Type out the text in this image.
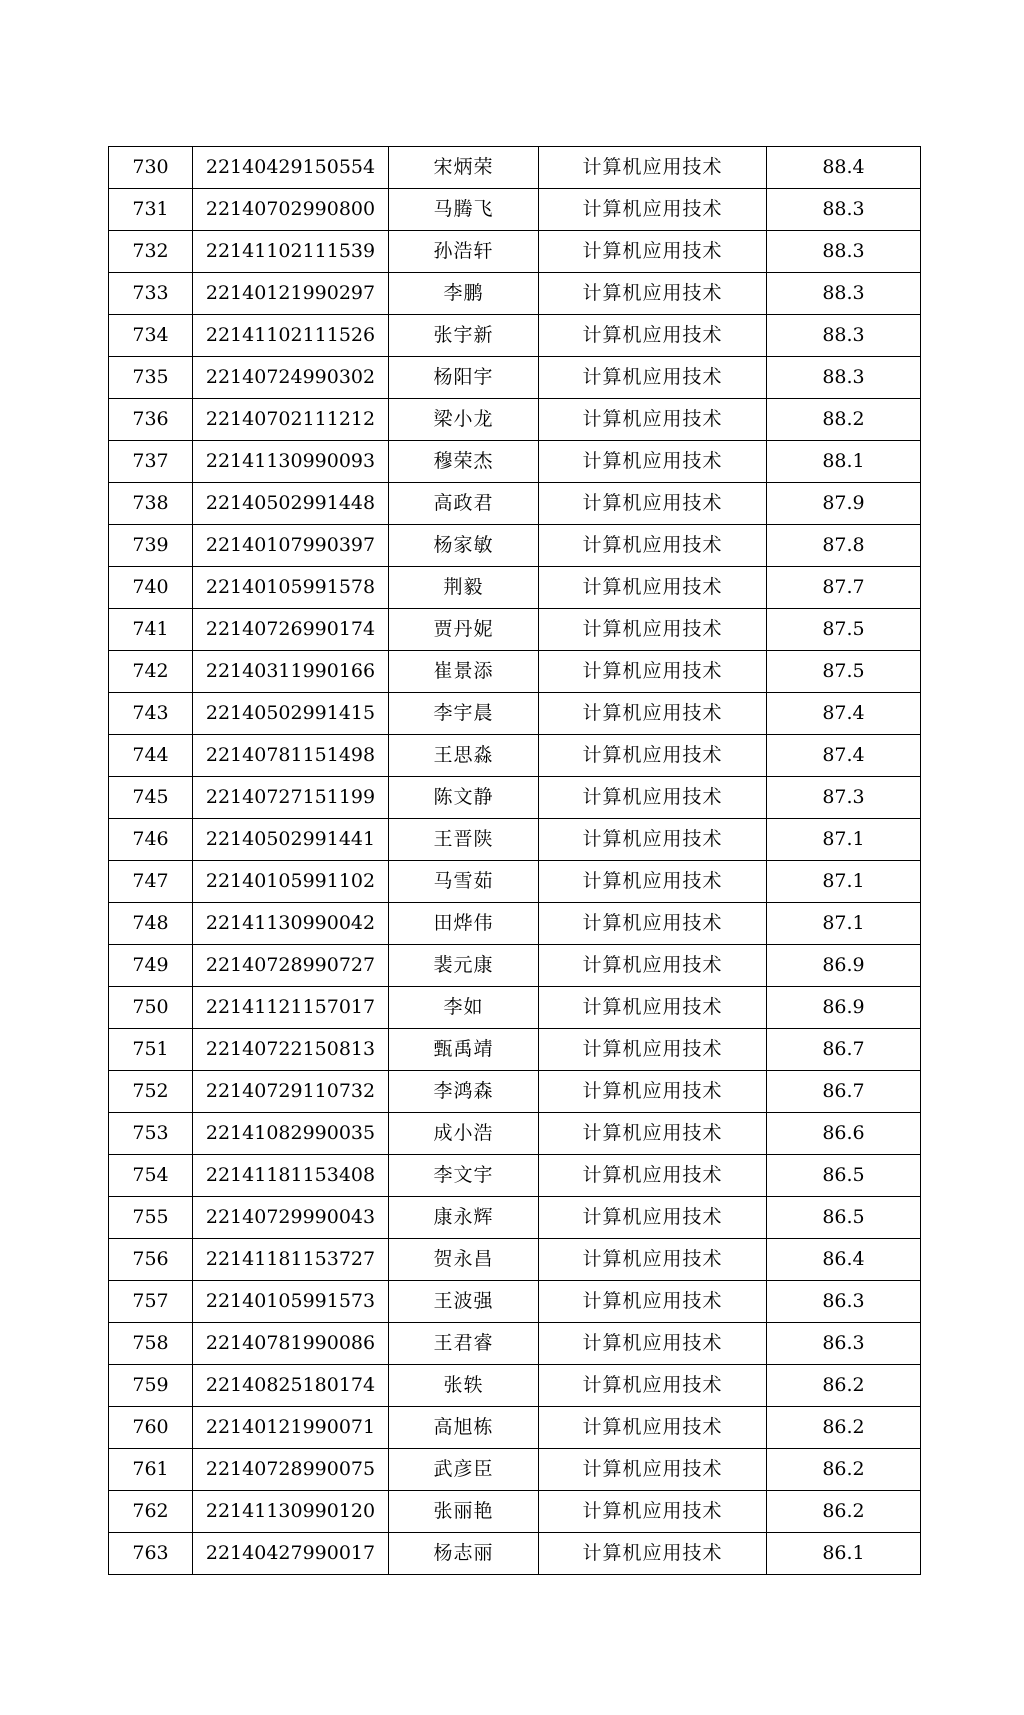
730	22140429150554	宋炳荣	计算机应用技术	88.4
731	22140702990800	马腾飞	计算机应用技术	88.3
732	22141102111539	孙浩轩	计算机应用技术	88.3
733	22140121990297	李鹏	计算机应用技术	88.3
734	22141102111526	张宇新	计算机应用技术	88.3
735	22140724990302	杨阳宇	计算机应用技术	88.3
736	22140702111212	梁小龙	计算机应用技术	88.2
737	22141130990093	穆荣杰	计算机应用技术	88.1
738	22140502991448	高政君	计算机应用技术	87.9
739	22140107990397	杨家敏	计算机应用技术	87.8
740	22140105991578	荆毅	计算机应用技术	87.7
741	22140726990174	贾丹妮	计算机应用技术	87.5
742	22140311990166	崔景添	计算机应用技术	87.5
743	22140502991415	李宇晨	计算机应用技术	87.4
744	22140781151498	王思淼	计算机应用技术	87.4
745	22140727151199	陈文静	计算机应用技术	87.3
746	22140502991441	王晋陕	计算机应用技术	87.1
747	22140105991102	马雪茹	计算机应用技术	87.1
748	22141130990042	田烨伟	计算机应用技术	87.1
749	22140728990727	裴元康	计算机应用技术	86.9
750	22141121157017	李如	计算机应用技术	86.9
751	22140722150813	甄禹靖	计算机应用技术	86.7
752	22140729110732	李鸿森	计算机应用技术	86.7
753	22141082990035	成小浩	计算机应用技术	86.6
754	22141181153408	李文宇	计算机应用技术	86.5
755	22140729990043	康永辉	计算机应用技术	86.5
756	22141181153727	贺永昌	计算机应用技术	86.4
757	22140105991573	王波强	计算机应用技术	86.3
758	22140781990086	王君睿	计算机应用技术	86.3
759	22140825180174	张轶	计算机应用技术	86.2
760	22140121990071	高旭栋	计算机应用技术	86.2
761	22140728990075	武彦臣	计算机应用技术	86.2
762	22141130990120	张丽艳	计算机应用技术	86.2
763	22140427990017	杨志丽	计算机应用技术	86.1
